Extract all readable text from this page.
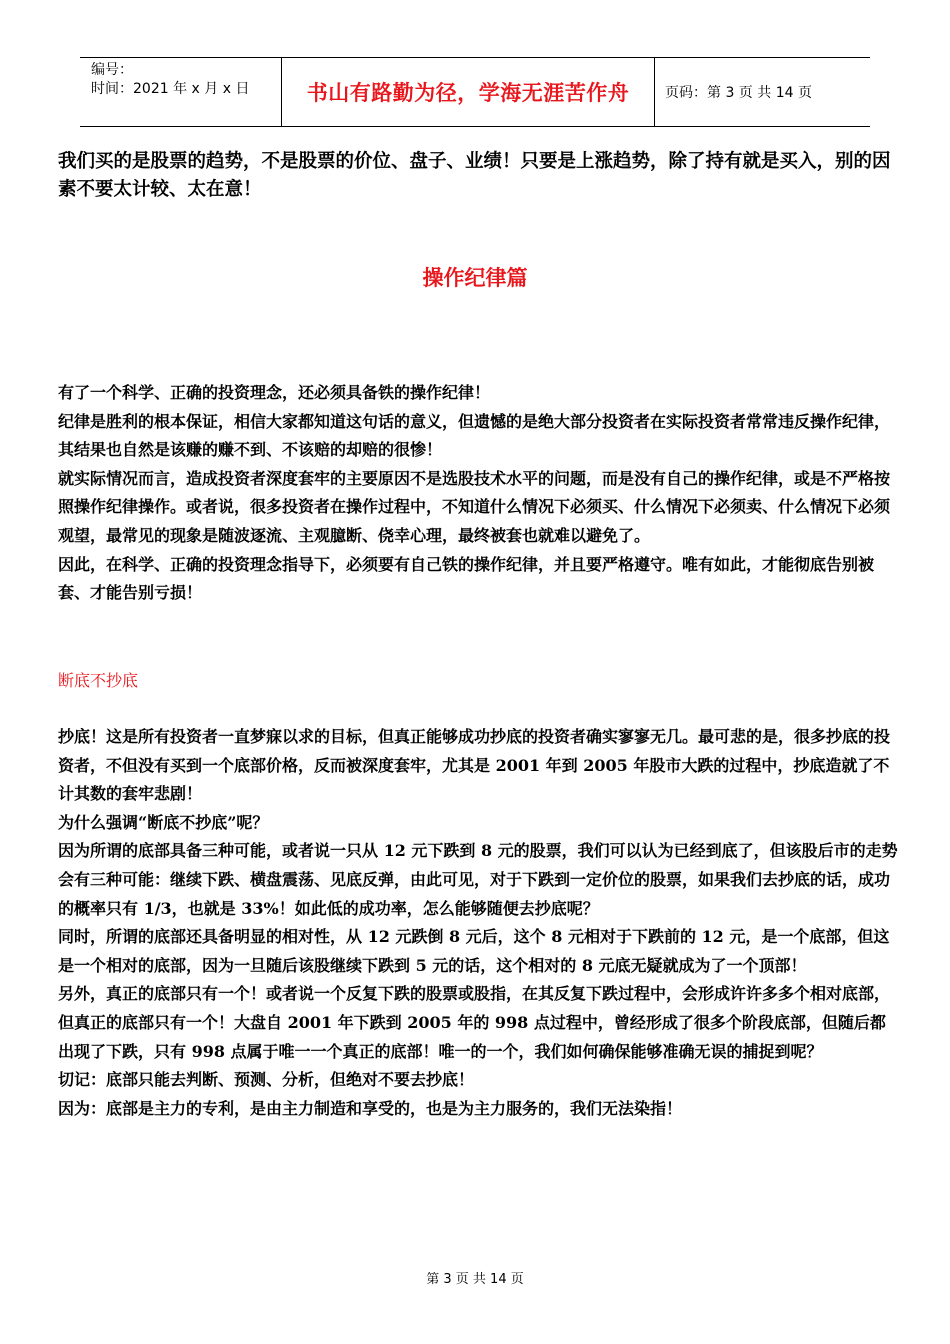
编号：
时间：2021 年 x 月 x 日	书山有路勤为径，学海无涯苦作舟	页码：第 3 页 共 14 页
我们买的是股票的趋势，不是股票的价位、盘子、业绩！只要是上涨趋势，除了持有就是买入，别的因素不要太计较、太在意！
操作纪律篇

有了一个科学、正确的投资理念，还必须具备铁的操作纪律！

纪律是胜利的根本保证，相信大家都知道这句话的意义，但遗憾的是绝大部分投资者在实际投资者常常违反操作纪律，其结果也自然是该赚的赚不到、不该赔的却赔的很惨！

就实际情况而言，造成投资者深度套牢的主要原因不是选股技术水平的问题，而是没有自己的操作纪律，或是不严格按照操作纪律操作。或者说，很多投资者在操作过程中，不知道什么情况下必须买、什么情况下必须卖、什么情况下必须观望，最常见的现象是随波逐流、主观臆断、侥幸心理，最终被套也就难以避免了。

因此，在科学、正确的投资理念指导下，必须要有自己铁的操作纪律，并且要严格遵守。唯有如此，才能彻底告别被套、才能告别亏损！

断底不抄底

抄底！这是所有投资者一直梦寐以求的目标，但真正能够成功抄底的投资者确实寥寥无几。最可悲的是，很多抄底的投资者，不但没有买到一个底部价格，反而被深度套牢，尤其是 2001 年到 2005 年股市大跌的过程中，抄底造就了不计其数的套牢悲剧！

为什么强调“断底不抄底”呢？

因为所谓的底部具备三种可能，或者说一只从 12 元下跌到 8 元的股票，我们可以认为已经到底了，但该股后市的走势会有三种可能：继续下跌、横盘震荡、见底反弹，由此可见，对于下跌到一定价位的股票，如果我们去抄底的话，成功的概率只有 1/3，也就是 33%！如此低的成功率，怎么能够随便去抄底呢？

同时，所谓的底部还具备明显的相对性，从 12 元跌倒 8 元后，这个 8 元相对于下跌前的 12 元，是一个底部，但这是一个相对的底部，因为一旦随后该股继续下跌到 5 元的话，这个相对的 8 元底无疑就成为了一个顶部！

另外，真正的底部只有一个！或者说一个反复下跌的股票或股指，在其反复下跌过程中，会形成许许多多个相对底部，但真正的底部只有一个！大盘自 2001 年下跌到 2005 年的 998 点过程中，曾经形成了很多个阶段底部，但随后都出现了下跌，只有 998 点属于唯一一个真正的底部！唯一的一个，我们如何确保能够准确无误的捕捉到呢？

切记：底部只能去判断、预测、分析，但绝对不要去抄底！

因为：底部是主力的专利，是由主力制造和享受的，也是为主力服务的，我们无法染指！

第 3 页 共 14 页
